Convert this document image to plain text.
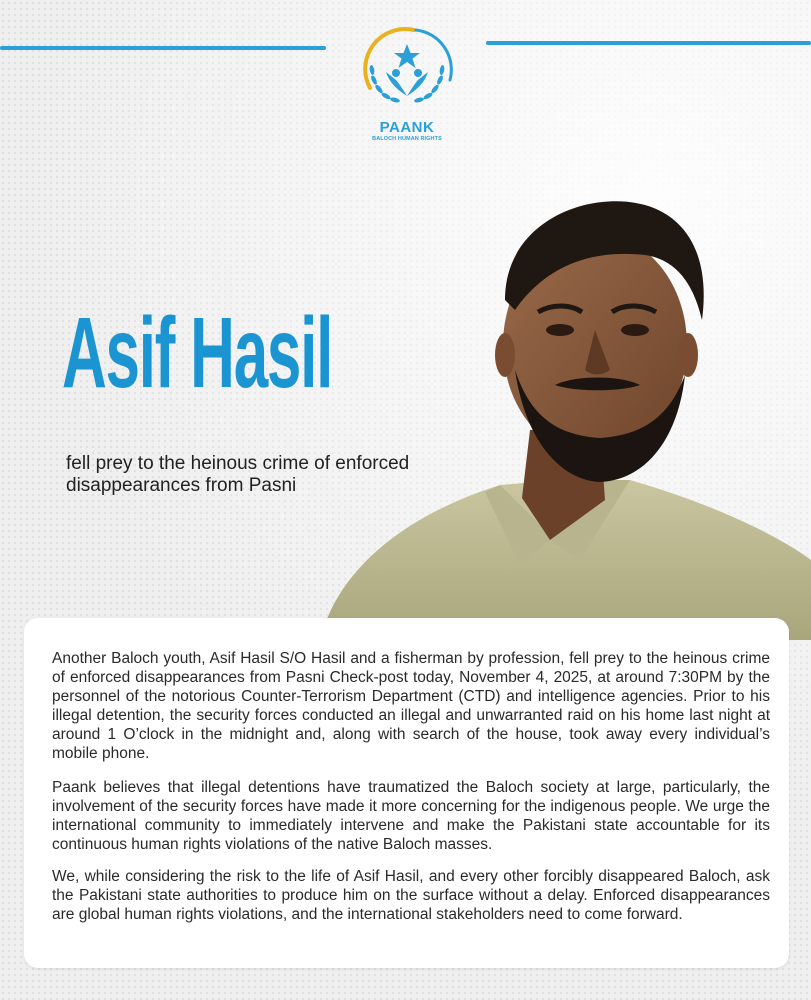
PAANK
BALOCH HUMAN RIGHTS
Asif Hasil

fell prey to the heinous crime of enforced disappearances from Pasni

Another Baloch youth, Asif Hasil S/O Hasil and a fisherman by profession, fell prey to the heinous crime of enforced disappearances from Pasni Check-post today, November 4, 2025, at around 7:30PM by the personnel of the notorious Counter-Terrorism Department (CTD) and intelligence agencies. Prior to his illegal detention, the security forces conducted an illegal and unwarranted raid on his home last night at around 1 O’clock in the midnight and, along with search of the house, took away every individual’s mobile phone.

Paank believes that illegal detentions have traumatized the Baloch society at large, particularly, the involvement of the security forces have made it more concerning for the indigenous people. We urge the international community to immediately intervene and make the Pakistani state accountable for its continuous human rights violations of the native Baloch masses.

We, while considering the risk to the life of Asif Hasil, and every other forcibly disappeared Baloch, ask the Pakistani state authorities to produce him on the surface without a delay. Enforced disappearances are global human rights violations, and the international stakeholders need to come forward.
